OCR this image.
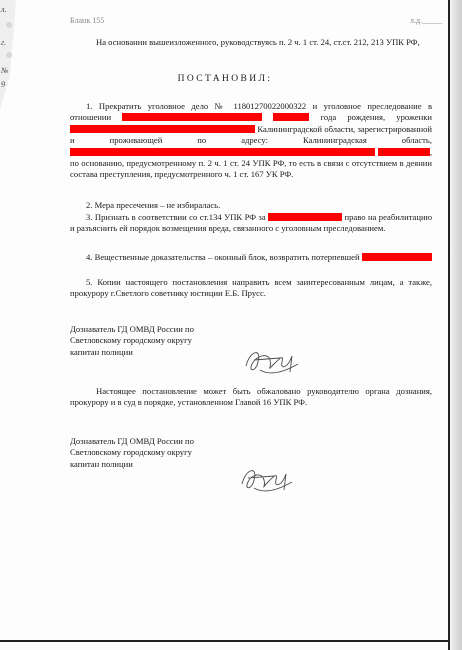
л.
г.
№
9
Бланк 155	л.д._____

На основании вышеизложенного, руководствуясь п. 2 ч. 1 ст. 24, ст.ст. 212, 213 УПК РФ,

ПОСТАНОВИЛ:

1. Прекратить уголовное дело № 11801270022000322 и уголовное преследование в отношении	года рождения, уроженки  Калининградской области, зарегистрированной и проживающей по адресу: Калининградская область,  , по основанию, предусмотренному п. 2 ч. 1 ст. 24 УПК РФ, то есть в связи с отсутствием в деянии состава преступления, предусмотренного ч. 1 ст. 167 УК РФ.

2. Мера пресечения – не избиралась.

3. Признать в соответствии со ст.134 УПК РФ за	право на реабилитацию и разъяснить ей порядок возмещения вреда, связанного с уголовным преследованием.

4. Вещественные доказательства – оконный блок, возвратить потерпевшей

5. Копии настоящего постановления направить всем заинтересованным лицам, а также, прокурору г.Светлого советнику юстиции Е.Б. Прусс.

Дознаватель ГД ОМВД России по
Светловскому городскому округу
капитан полиции

Настоящее постановление может быть обжаловано руководителю органа дознания, прокурору и в суд в порядке, установленном Главой 16 УПК РФ.

Дознаватель ГД ОМВД России по
Светловскому городскому округу
капитан полиции
